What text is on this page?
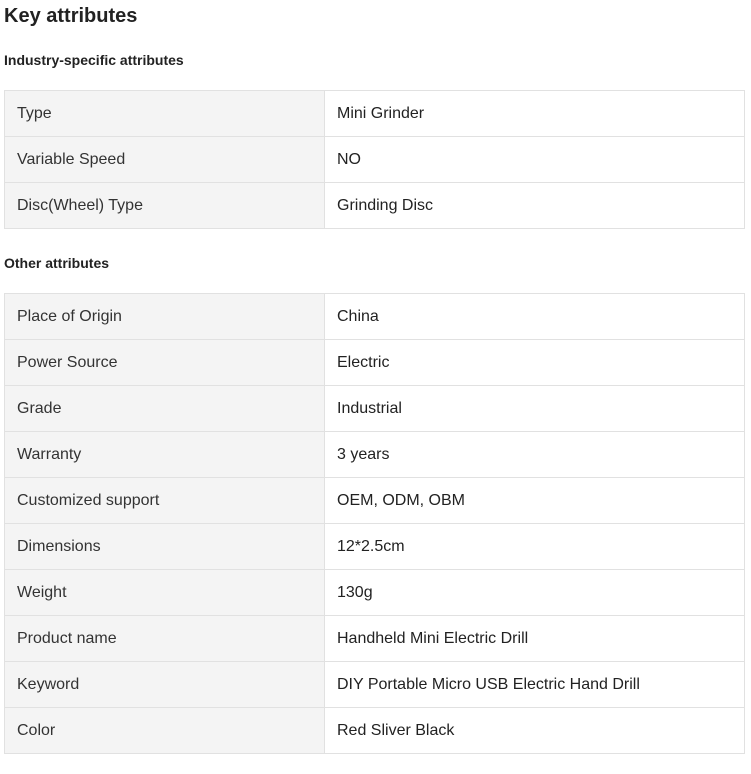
Key attributes
Industry-specific attributes
Type	Mini Grinder
Variable Speed	NO
Disc(Wheel) Type	Grinding Disc
Other attributes
Place of Origin	China
Power Source	Electric
Grade	Industrial
Warranty	3 years
Customized support	OEM, ODM, OBM
Dimensions	12*2.5cm
Weight	130g
Product name	Handheld Mini Electric Drill
Keyword	DIY Portable Micro USB Electric Hand Drill
Color	Red Sliver Black
